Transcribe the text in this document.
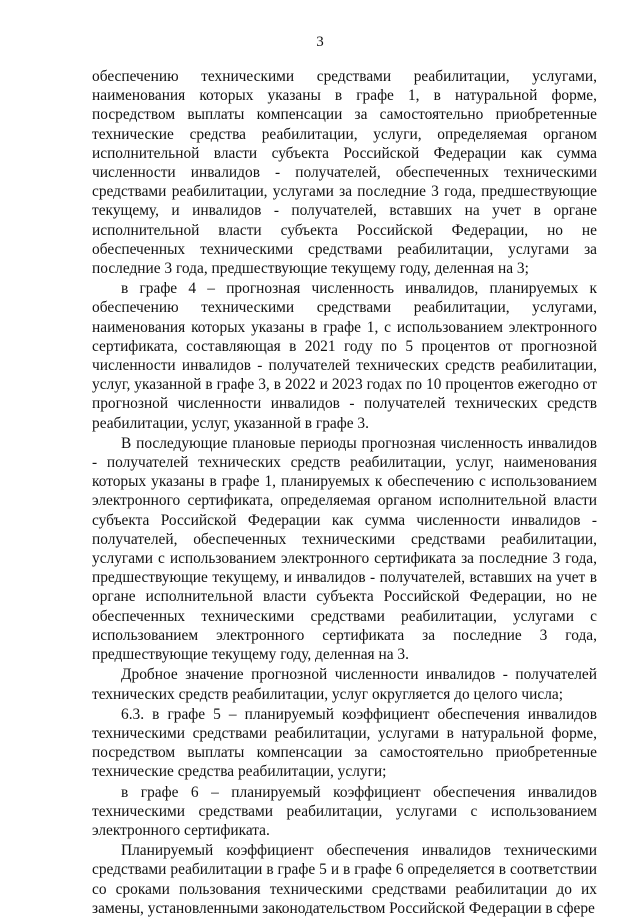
3

обеспечению техническими средствами реабилитации, услугами, наименования которых указаны в графе 1, в натуральной форме, посредством выплаты компенсации за самостоятельно приобретенные технические средства реабилитации, услуги, определяемая органом исполнительной власти субъекта Российской Федерации как сумма численности инвалидов - получателей, обеспеченных техническими средствами реабилитации, услугами за последние 3 года, предшествующие текущему, и инвалидов - получателей, вставших на учет в органе исполнительной власти субъекта Российской Федерации, но не обеспеченных техническими средствами реабилитации, услугами за последние 3 года, предшествующие текущему году, деленная на 3;

в графе 4 – прогнозная численность инвалидов, планируемых к обеспечению техническими средствами реабилитации, услугами, наименования которых указаны в графе 1, с использованием электронного сертификата, составляющая в 2021 году по 5 процентов от прогнозной численности инвалидов - получателей технических средств реабилитации, услуг, указанной в графе 3, в 2022 и 2023 годах по 10 процентов ежегодно от прогнозной численности инвалидов - получателей технических средств реабилитации, услуг, указанной в графе 3.

В последующие плановые периоды прогнозная численность инвалидов - получателей технических средств реабилитации, услуг, наименования которых указаны в графе 1, планируемых к обеспечению с использованием электронного сертификата, определяемая органом исполнительной власти субъекта Российской Федерации как сумма численности инвалидов - получателей, обеспеченных техническими средствами реабилитации, услугами с использованием электронного сертификата за последние 3 года, предшествующие текущему, и инвалидов - получателей, вставших на учет в органе исполнительной власти субъекта Российской Федерации, но не обеспеченных техническими средствами реабилитации, услугами с использованием электронного сертификата за последние 3 года, предшествующие текущему году, деленная на 3.

Дробное значение прогнозной численности инвалидов - получателей технических средств реабилитации, услуг округляется до целого числа;

6.3. в графе 5 – планируемый коэффициент обеспечения инвалидов техническими средствами реабилитации, услугами в натуральной форме, посредством выплаты компенсации за самостоятельно приобретенные технические средства реабилитации, услуги;

в графе 6 – планируемый коэффициент обеспечения инвалидов техническими средствами реабилитации, услугами с использованием электронного сертификата.

Планируемый коэффициент обеспечения инвалидов техническими средствами реабилитации в графе 5 и в графе 6 определяется в соответствии со сроками пользования техническими средствами реабилитации до их замены, установленными законодательством Российской Федерации в сфере
